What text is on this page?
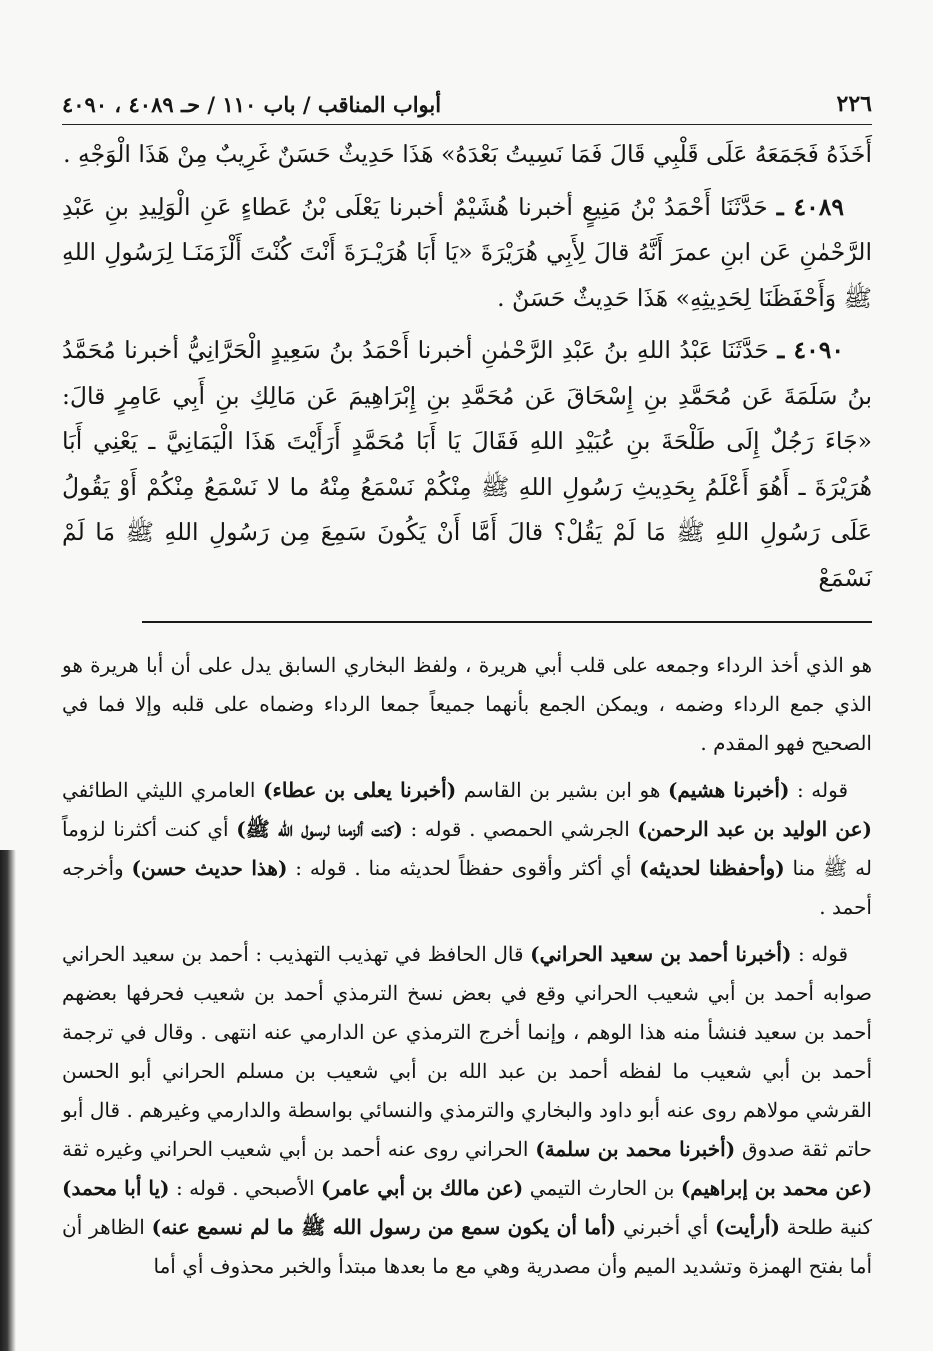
٢٢٦
أبواب المناقب / باب ١١٠ / حـ ٤٠٨٩ ، ٤٠٩٠

أَخَذَهُ فَجَمَعَهُ عَلَى قَلْبِي قَالَ فَمَا نَسِيتُ بَعْدَهُ» هَذَا حَدِيثٌ حَسَنٌ غَرِيبٌ مِنْ هَذَا الْوَجْهِ .

٤٠٨٩ ـ حَدَّثَنَا أَحْمَدُ بْنُ مَنِيعٍ أخبرنا هُشَيْمٌ أخبرنا يَعْلَى بْنُ عَطاءٍ عَنِ الْوَلِيدِ بنِ عَبْدِ الرَّحْمٰنِ عَن ابنِ عمرَ أَنَّهُ قالَ لِأَبِي هُرَيْرَةَ «يَا أَبَا هُرَيْـرَةَ أَنْتَ كُنْتَ أَلْزَمَنَـا لِرَسُولِ اللهِ ﷺ وَأَحْفَظَنَا لِحَدِيثِهِ» هَذَا حَدِيثٌ حَسَنٌ .

٤٠٩٠ ـ حَدَّثَنَا عَبْدُ اللهِ بنُ عَبْدِ الرَّحْمٰنِ أخبرنا أَحْمَدُ بنُ سَعِيدٍ الْحَرَّانِيُّ أخبرنا مُحَمَّدُ بنُ سَلَمَةَ عَن مُحَمَّدِ بنِ إِسْحَاقَ عَن مُحَمَّدِ بنِ إِبْرَاهِيمَ عَن مَالِكِ بنِ أَبِي عَامِرٍ قالَ: «جَاءَ رَجُلٌ إِلَى طَلْحَةَ بنِ عُبَيْدِ اللهِ فَقَالَ يَا أَبَا مُحَمَّدٍ أَرَأَيْتَ هَذَا الْيَمَانِيَّ ـ يَعْنِي أَبَا هُرَيْرَةَ ـ أَهُوَ أَعْلَمُ بِحَدِيثِ رَسُولِ اللهِ ﷺ مِنْكُمْ نَسْمَعُ مِنْهُ ما لا نَسْمَعُ مِنْكُمْ أَوْ يَقُولُ عَلَى رَسُولِ اللهِ ﷺ مَا لَمْ يَقُلْ؟ قالَ أَمَّا أَنْ يَكُونَ سَمِعَ مِن رَسُولِ اللهِ ﷺ مَا لَمْ نَسْمَعْ

هو الذي أخذ الرداء وجمعه على قلب أبي هريرة ، ولفظ البخاري السابق يدل على أن أبا هريرة هو الذي جمع الرداء وضمه ، ويمكن الجمع بأنهما جميعاً جمعا الرداء وضماه على قلبه وإلا فما في الصحيح فهو المقدم .

قوله : (أخبرنا هشيم) هو ابن بشير بن القاسم (أخبرنا يعلى بن عطاء) العامري الليثي الطائفي (عن الوليد بن عبد الرحمن) الجرشي الحمصي . قوله : (كنت ألزمنا لرسول الله ﷺ) أي كنت أكثرنا لزوماً له ﷺ منا (وأحفظنا لحديثه) أي أكثر وأقوى حفظاً لحديثه منا . قوله : (هذا حديث حسن) وأخرجه أحمد .

قوله : (أخبرنا أحمد بن سعيد الحراني) قال الحافظ في تهذيب التهذيب : أحمد بن سعيد الحراني صوابه أحمد بن أبي شعيب الحراني وقع في بعض نسخ الترمذي أحمد بن شعيب فحرفها بعضهم أحمد بن سعيد فنشأ منه هذا الوهم ، وإنما أخرج الترمذي عن الدارمي عنه انتهى . وقال في ترجمة أحمد بن أبي شعيب ما لفظه أحمد بن عبد الله بن أبي شعيب بن مسلم الحراني أبو الحسن القرشي مولاهم روى عنه أبو داود والبخاري والترمذي والنسائي بواسطة والدارمي وغيرهم . قال أبو حاتم ثقة صدوق (أخبرنا محمد بن سلمة) الحراني روى عنه أحمد بن أبي شعيب الحراني وغيره ثقة (عن محمد بن إبراهيم) بن الحارث التيمي (عن مالك بن أبي عامر) الأصبحي . قوله : (يا أبا محمد) كنية طلحة (أرأيت) أي أخبرني (أما أن يكون سمع من رسول الله ﷺ ما لم نسمع عنه) الظاهر أن أما بفتح الهمزة وتشديد الميم وأن مصدرية وهي مع ما بعدها مبتدأ والخبر محذوف أي أما
